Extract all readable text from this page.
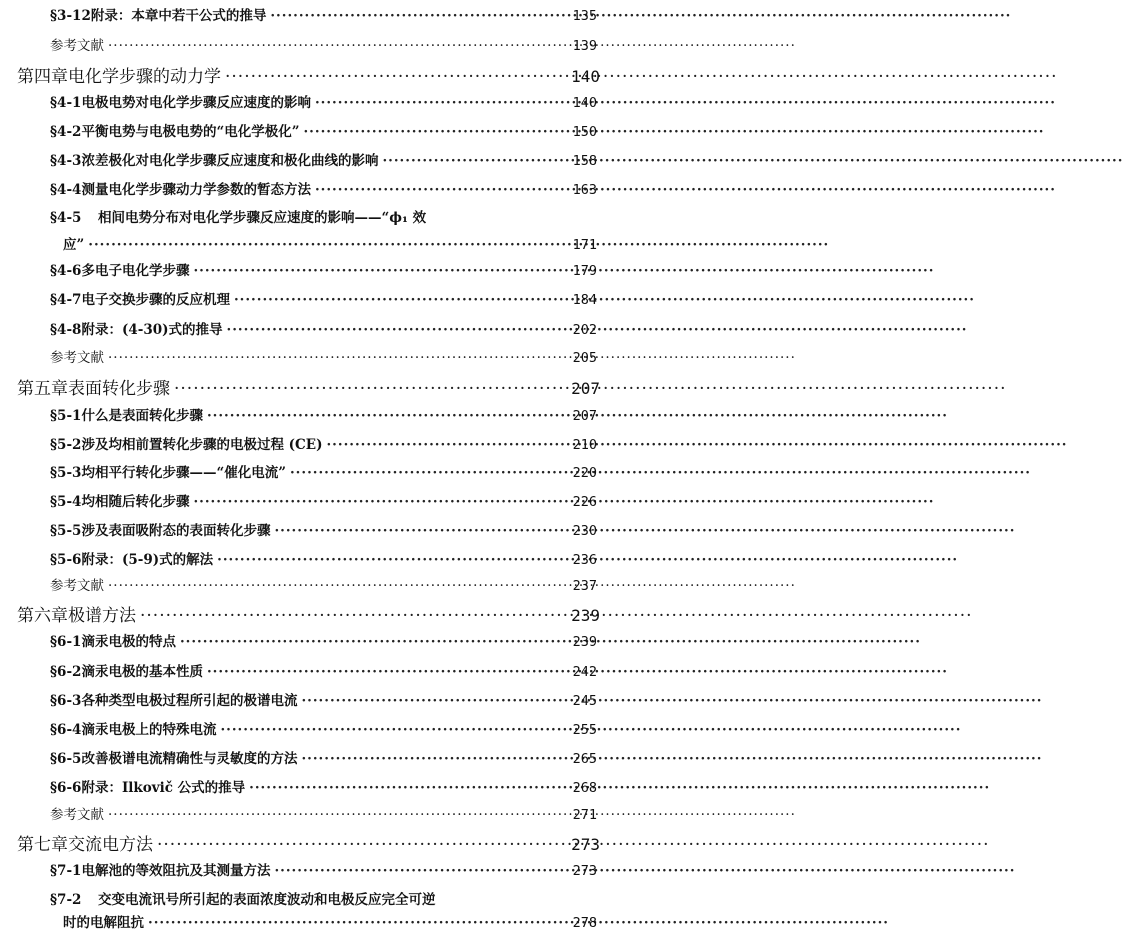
§3-12 附录：本章中若干公式的推导 ·····	135
参考文献 ·····	139
第四章 电化学步骤的动力学 ·····	140
§4-1 电极电势对电化学步骤反应速度的影响 ·····	140
§4-2 平衡电势与电极电势的“电化学极化” ·····	150
§4-3 浓差极化对电化学步骤反应速度和极化曲线的影响 ·····	158
§4-4 测量电化学步骤动力学参数的暂态方法 ·····	163
§4-5	相间电势分布对电化学步骤反应速度的影响——“ϕ₁ 效
应” ·····	171
§4-6 多电子电化学步骤 ·····	179
§4-7 电子交换步骤的反应机理 ·····	184
§4-8 附录：(4-30)式的推导 ·····	202
参考文献 ·····	205
第五章 表面转化步骤 ·····	207
§5-1 什么是表面转化步骤 ·····	207
§5-2 涉及均相前置转化步骤的电极过程 (CE) ·····	210
§5-3 均相平行转化步骤——“催化电流” ·····	220
§5-4 均相随后转化步骤 ·····	226
§5-5 涉及表面吸附态的表面转化步骤 ·····	230
§5-6 附录：(5-9)式的解法 ·····	236
参考文献 ·····	237
第六章 极谱方法 ·····	239
§6-1 滴汞电极的特点 ·····	239
§6-2 滴汞电极的基本性质 ·····	242
§6-3 各种类型电极过程所引起的极谱电流 ·····	245
§6-4 滴汞电极上的特殊电流 ·····	255
§6-5 改善极谱电流精确性与灵敏度的方法 ·····	265
§6-6 附录：Ilkovič 公式的推导 ·····	268
参考文献 ·····	271
第七章 交流电方法 ·····	273
§7-1 电解池的等效阻抗及其测量方法 ·····	273
§7-2	交变电流讯号所引起的表面浓度波动和电极反应完全可逆
时的电解阻抗 ·····	278
